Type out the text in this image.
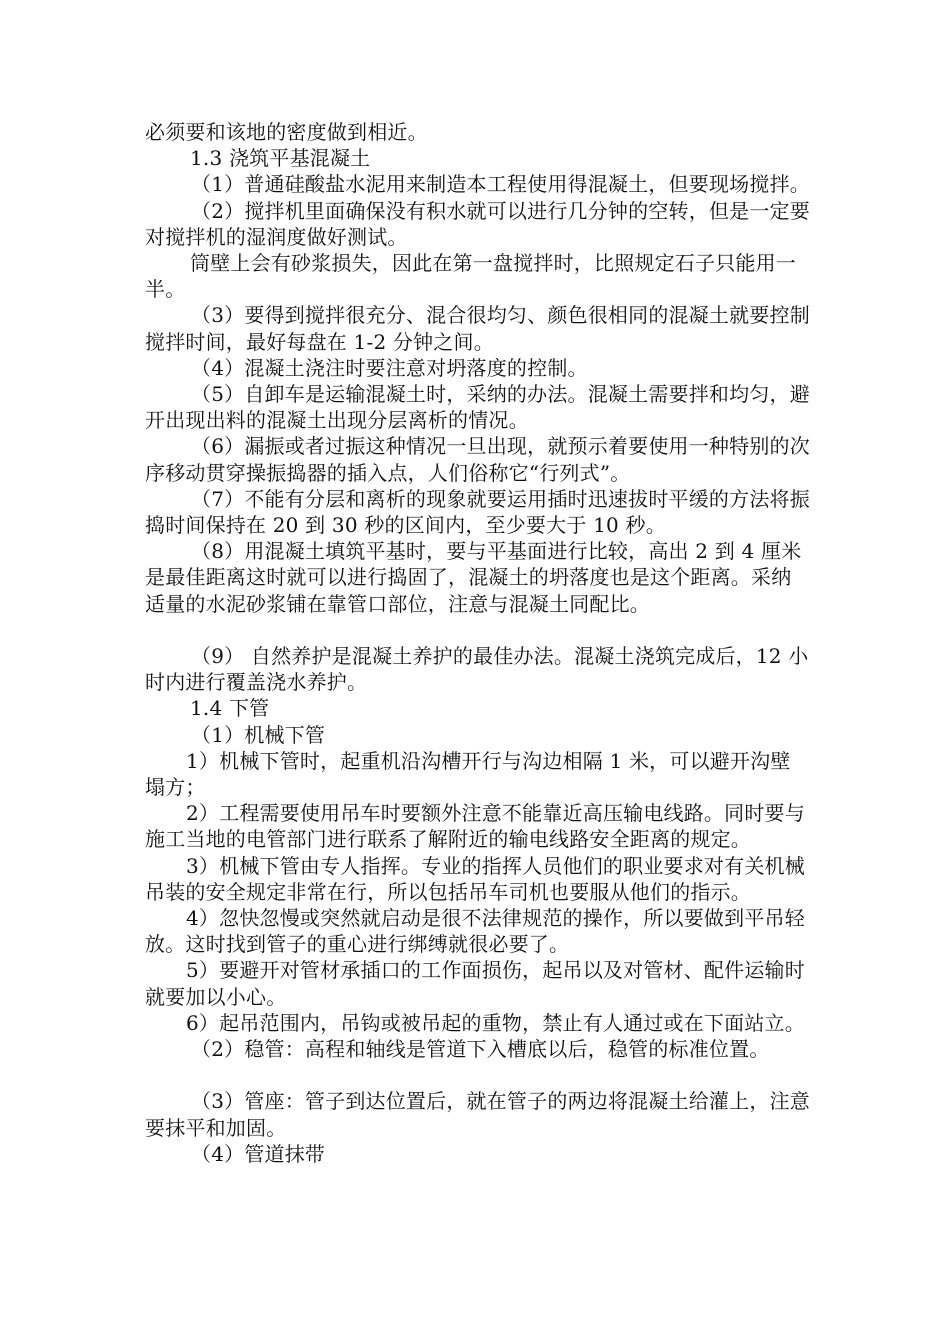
必须要和该地的密度做到相近。

1.3 浇筑平基混凝土

（1）普通硅酸盐水泥用来制造本工程使用得混凝土，但要现场搅拌。

（2）搅拌机里面确保没有积水就可以进行几分钟的空转，但是一定要对搅拌机的湿润度做好测试。

筒壁上会有砂浆损失，因此在第一盘搅拌时，比照规定石子只能用一半。

（3）要得到搅拌很充分、混合很均匀、颜色很相同的混凝土就要控制搅拌时间，最好每盘在 1-2 分钟之间。

（4）混凝土浇注时要注意对坍落度的控制。

（5）自卸车是运输混凝土时，采纳的办法。混凝土需要拌和均匀，避开出现出料的混凝土出现分层离析的情况。

（6）漏振或者过振这种情况一旦出现，就预示着要使用一种特别的次序移动贯穿操振捣器的插入点，人们俗称它“行列式”。

（7）不能有分层和离析的现象就要运用插时迅速拔时平缓的方法将振捣时间保持在 20 到 30 秒的区间内，至少要大于 10 秒。

（8）用混凝土填筑平基时，要与平基面进行比较，高出 2 到 4 厘米是最佳距离这时就可以进行捣固了，混凝土的坍落度也是这个距离。采纳适量的水泥砂浆铺在靠管口部位，注意与混凝土同配比。

（9） 自然养护是混凝土养护的最佳办法。混凝土浇筑完成后，12 小时内进行覆盖浇水养护。

1.4 下管

（1）机械下管

1）机械下管时，起重机沿沟槽开行与沟边相隔 1 米，可以避开沟壁塌方；

2）工程需要使用吊车时要额外注意不能靠近高压输电线路。同时要与施工当地的电管部门进行联系了解附近的输电线路安全距离的规定。

3）机械下管由专人指挥。专业的指挥人员他们的职业要求对有关机械吊装的安全规定非常在行，所以包括吊车司机也要服从他们的指示。

4）忽快忽慢或突然就启动是很不法律规范的操作，所以要做到平吊轻放。这时找到管子的重心进行绑缚就很必要了。

5）要避开对管材承插口的工作面损伤，起吊以及对管材、配件运输时就要加以小心。

6）起吊范围内，吊钩或被吊起的重物，禁止有人通过或在下面站立。

（2）稳管：高程和轴线是管道下入槽底以后，稳管的标准位置。

（3）管座：管子到达位置后，就在管子的两边将混凝土给灌上，注意要抹平和加固。

（4）管道抹带
